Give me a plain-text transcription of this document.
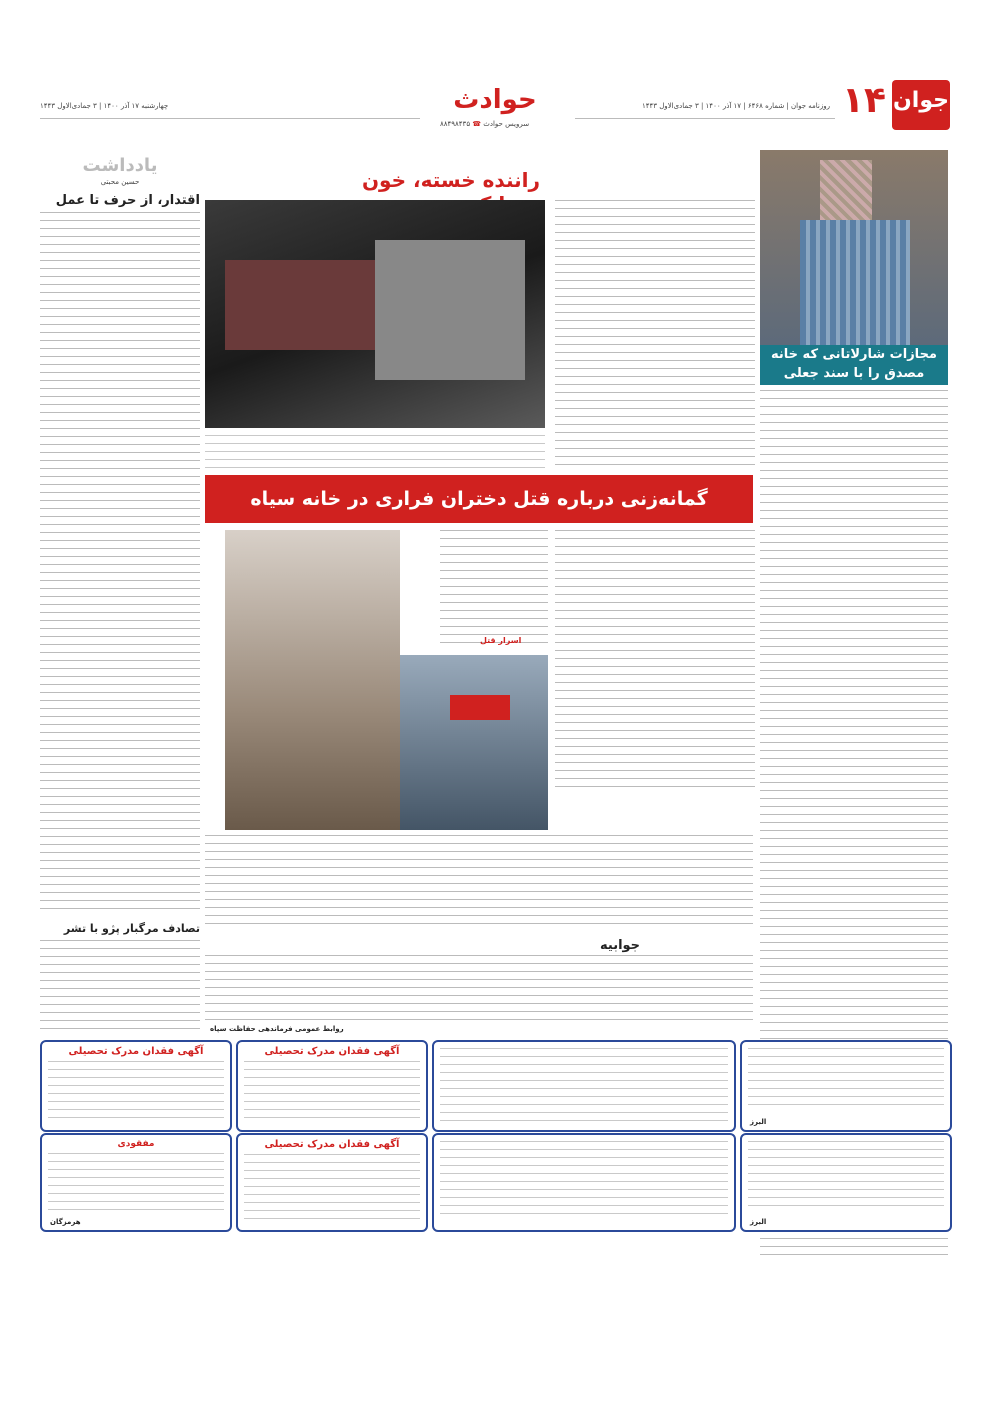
جوان
۱۴
روزنامه جوان | شماره ۶۴۶۸ | ۱۷ آذر ۱۴۰۰ | ۳ جمادی‌الاول ۱۴۴۳
حوادث
سرویس حوادث ☎ ۸۸۴۹۸۴۳۵
چهارشنبه ۱۷ آذر ۱۴۰۰ | ۳ جمادی‌الاول ۱۴۴۳
مجازات شارلاتانی که خانه
مصدق را با سند جعلی
راننده خسته، خون
گمانه‌زنی درباره قتل دختران فراری در خانه سیاه
اسرار قتل
جوابیه
روابط عمومی فرماندهی حفاظت سپاه
یادداشت
حسین محبتی
اقتدار، از حرف تا عمل
تصادف مرگبار پژو با تشر
آگهی فقدان مدرک تحصیلی	آگهی فقدان مدرک تحصیلی
البرز
مفقودی
هرمزگان
آگهی فقدان مدرک تحصیلی
البرز
